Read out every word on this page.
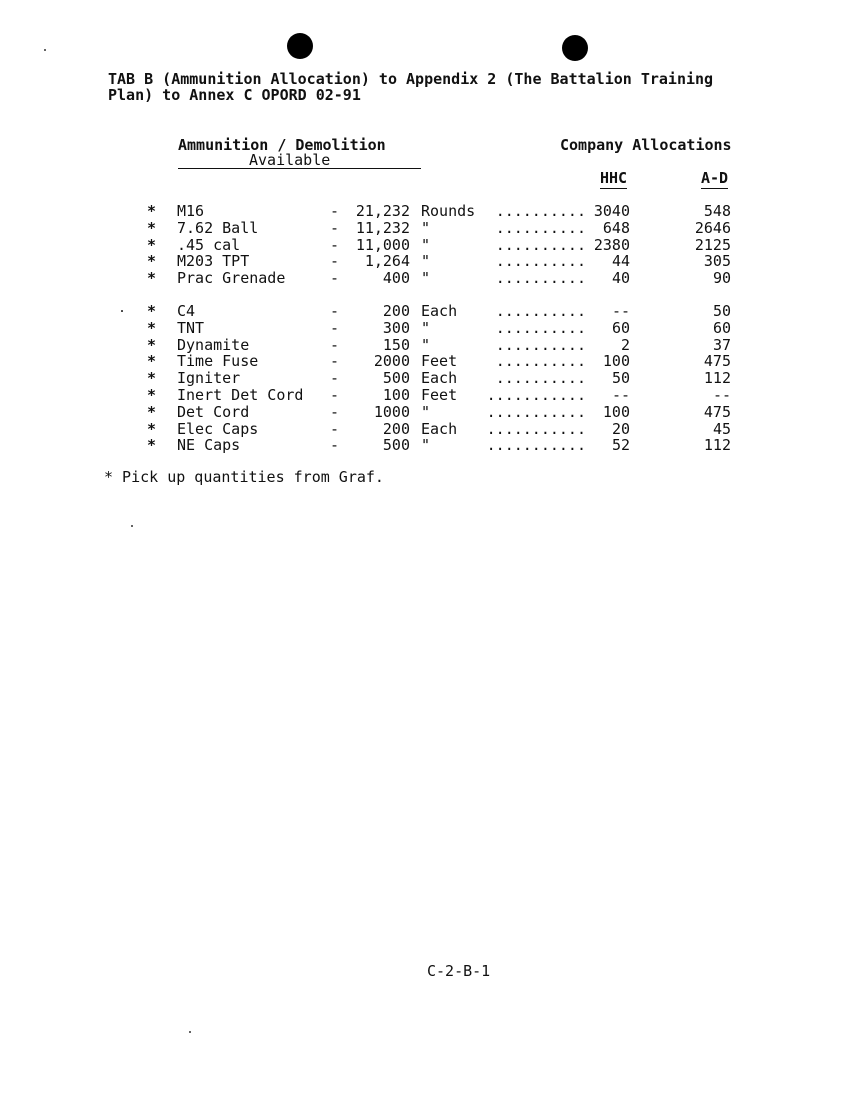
TAB B (Ammunition Allocation) to Appendix 2 (The Battalion Training
Plan) to Annex C OPORD 02-91
Ammunition / Demolition
Available
Company Allocations
HHC	A-D
* M16	- 21,232 Rounds .......... 3040	548
* 7.62 Ball	- 11,232 "	.......... 648	2646
* .45 cal	- 11,000 "	.......... 2380	2125
* M203 TPT	- 1,264 "	.......... 44	305
* Prac Grenade	-	400 "	.......... 40	90
* C4	-	200 Each	.......... --	50
* TNT	-	300 "	.......... 60	60
* Dynamite	-	150 "	.......... 2	37
* Time Fuse	- 2000 Feet	.......... 100	475
* Igniter	-	500 Each	.......... 50	112
* Inert Det Cord -	100 Feet ........... --	--
* Det Cord	- 1000 "	........... 100	475
* Elec Caps	-	200 Each ........... 20	45
* NE Caps	-	500 "	........... 52	112
* Pick up quantities from Graf.
C-2-B-1
